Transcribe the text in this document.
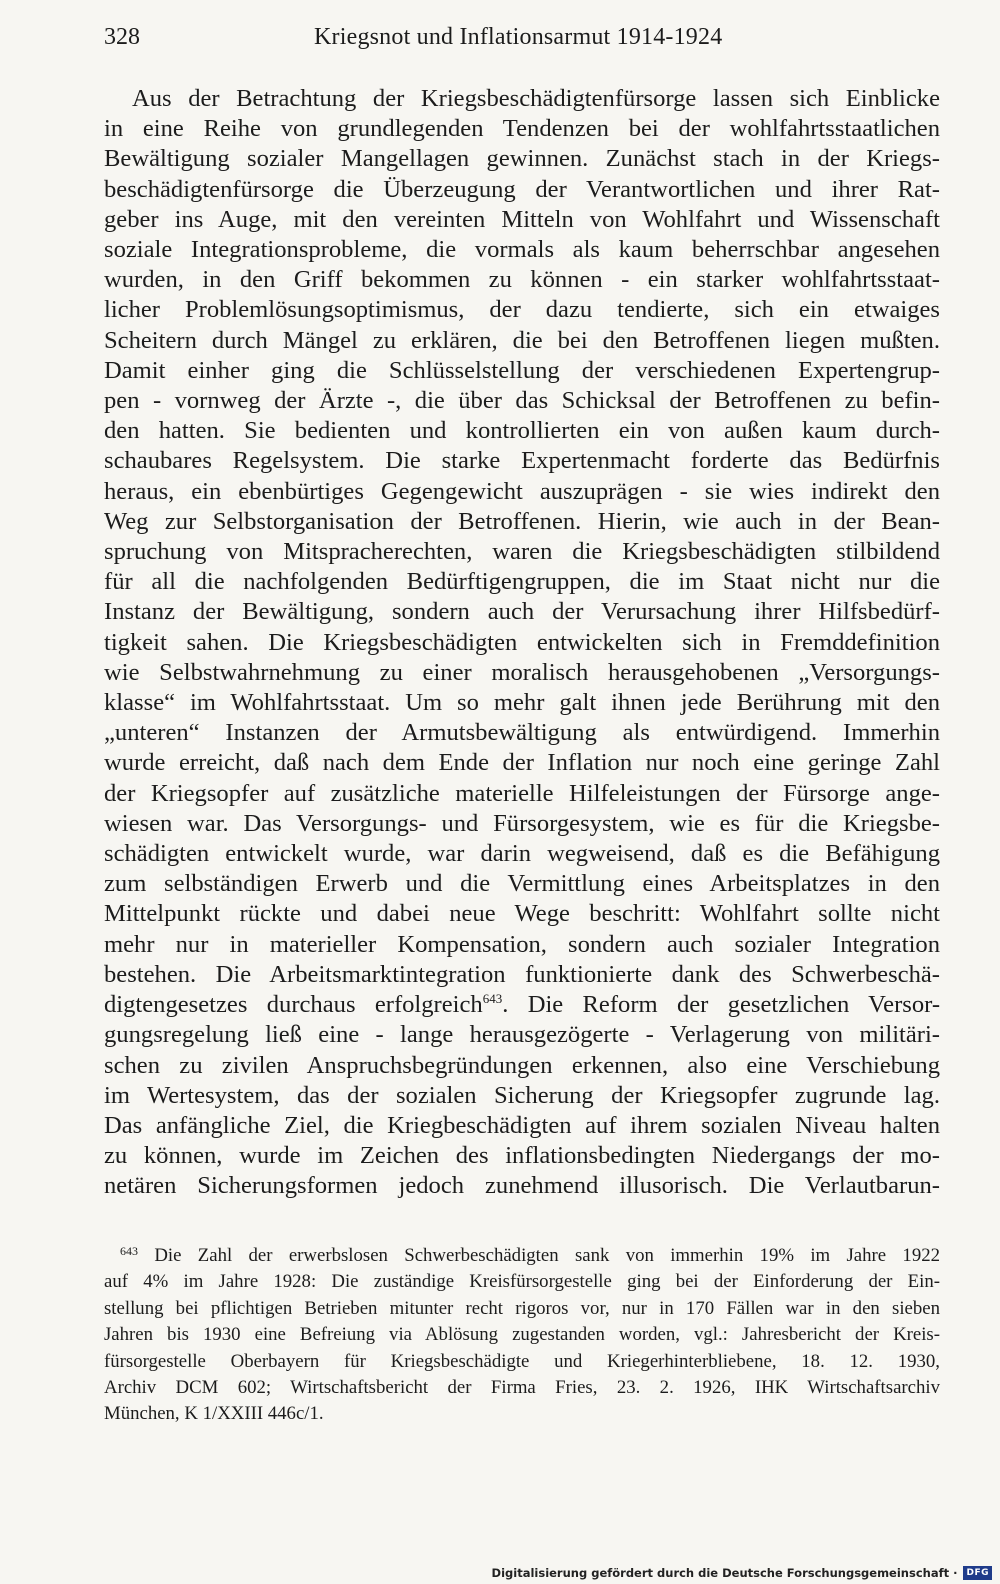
328	Kriegsnot und Inflationsarmut 1914-1924
Aus der Betrachtung der Kriegsbeschädigtenfürsorge lassen sich Einblicke
in eine Reihe von grundlegenden Tendenzen bei der wohlfahrtsstaatlichen
Bewältigung sozialer Mangellagen gewinnen. Zunächst stach in der Kriegs-
beschädigtenfürsorge die Überzeugung der Verantwortlichen und ihrer Rat-
geber ins Auge, mit den vereinten Mitteln von Wohlfahrt und Wissenschaft
soziale Integrationsprobleme, die vormals als kaum beherrschbar angesehen
wurden, in den Griff bekommen zu können - ein starker wohlfahrtsstaat-
licher Problemlösungsoptimismus, der dazu tendierte, sich ein etwaiges
Scheitern durch Mängel zu erklären, die bei den Betroffenen liegen mußten.
Damit einher ging die Schlüsselstellung der verschiedenen Expertengrup-
pen - vornweg der Ärzte -, die über das Schicksal der Betroffenen zu befin-
den hatten. Sie bedienten und kontrollierten ein von außen kaum durch-
schaubares Regelsystem. Die starke Expertenmacht forderte das Bedürfnis
heraus, ein ebenbürtiges Gegengewicht auszuprägen - sie wies indirekt den
Weg zur Selbstorganisation der Betroffenen. Hierin, wie auch in der Bean-
spruchung von Mitspracherechten, waren die Kriegsbeschädigten stilbildend
für all die nachfolgenden Bedürftigengruppen, die im Staat nicht nur die
Instanz der Bewältigung, sondern auch der Verursachung ihrer Hilfsbedürf-
tigkeit sahen. Die Kriegsbeschädigten entwickelten sich in Fremddefinition
wie Selbstwahrnehmung zu einer moralisch herausgehobenen „Versorgungs-
klasse“ im Wohlfahrtsstaat. Um so mehr galt ihnen jede Berührung mit den
„unteren“ Instanzen der Armutsbewältigung als entwürdigend. Immerhin
wurde erreicht, daß nach dem Ende der Inflation nur noch eine geringe Zahl
der Kriegsopfer auf zusätzliche materielle Hilfeleistungen der Fürsorge ange-
wiesen war. Das Versorgungs- und Fürsorgesystem, wie es für die Kriegsbe-
schädigten entwickelt wurde, war darin wegweisend, daß es die Befähigung
zum selbständigen Erwerb und die Vermittlung eines Arbeitsplatzes in den
Mittelpunkt rückte und dabei neue Wege beschritt: Wohlfahrt sollte nicht
mehr nur in materieller Kompensation, sondern auch sozialer Integration
bestehen. Die Arbeitsmarktintegration funktionierte dank des Schwerbeschä-
digtengesetzes durchaus erfolgreich$^{643}$. Die Reform der gesetzlichen Versor-
gungsregelung ließ eine - lange herausgezögerte - Verlagerung von militäri-
schen zu zivilen Anspruchsbegründungen erkennen, also eine Verschiebung
im Wertesystem, das der sozialen Sicherung der Kriegsopfer zugrunde lag.
Das anfängliche Ziel, die Kriegbeschädigten auf ihrem sozialen Niveau halten
zu können, wurde im Zeichen des inflationsbedingten Niedergangs der mo-
netären Sicherungsformen jedoch zunehmend illusorisch. Die Verlautbarun-
$^{643}$ Die Zahl der erwerbslosen Schwerbeschädigten sank von immerhin 19% im Jahre 1922
auf 4% im Jahre 1928: Die zuständige Kreisfürsorgestelle ging bei der Einforderung der Ein-
stellung bei pflichtigen Betrieben mitunter recht rigoros vor, nur in 170 Fällen war in den sieben
Jahren bis 1930 eine Befreiung via Ablösung zugestanden worden, vgl.: Jahresbericht der Kreis-
fürsorgestelle Oberbayern für Kriegsbeschädigte und Kriegerhinterbliebene, 18. 12. 1930,
Archiv DCM 602; Wirtschaftsbericht der Firma Fries, 23. 2. 1926, IHK Wirtschaftsarchiv
München, K 1/XXIII 446c/1.
Digitalisierung gefördert durch die Deutsche Forschungsgemeinschaft ·	DFG
